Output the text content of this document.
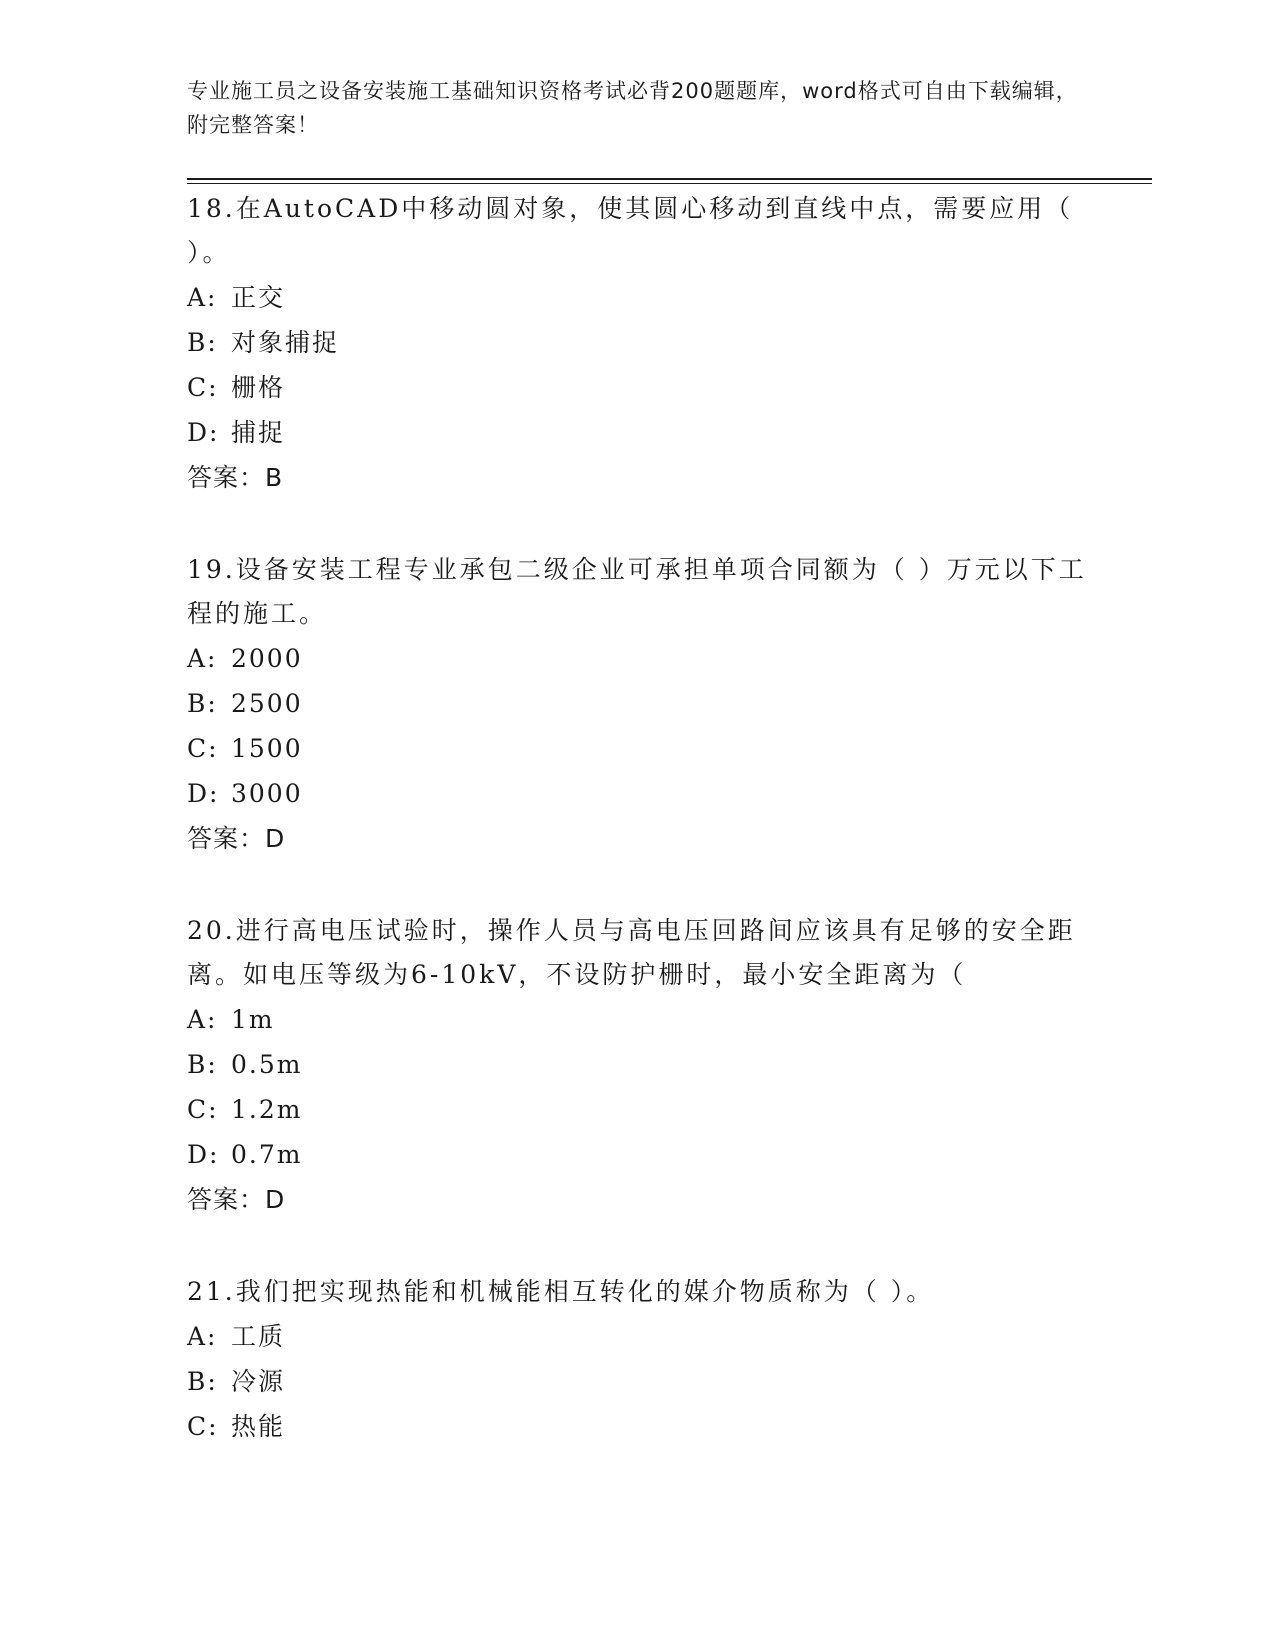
专业施工员之设备安装施工基础知识资格考试必背200题题库，word格式可自由下载编辑，附完整答案！

18.在AutoCAD中移动圆对象，使其圆心移动到直线中点，需要应用（ ）。

A: 正交
B: 对象捕捉
C: 栅格
D: 捕捉
答案：B

19.设备安装工程专业承包二级企业可承担单项合同额为（ ）万元以下工程的施工。

A: 2000
B: 2500
C: 1500
D: 3000
答案：D

20.进行高电压试验时，操作人员与高电压回路间应该具有足够的安全距离。如电压等级为6-10kV，不设防护栅时，最小安全距离为（

A: 1m
B: 0.5m
C: 1.2m
D: 0.7m
答案：D

21.我们把实现热能和机械能相互转化的媒介物质称为（ ）。

A: 工质
B: 冷源
C: 热能
